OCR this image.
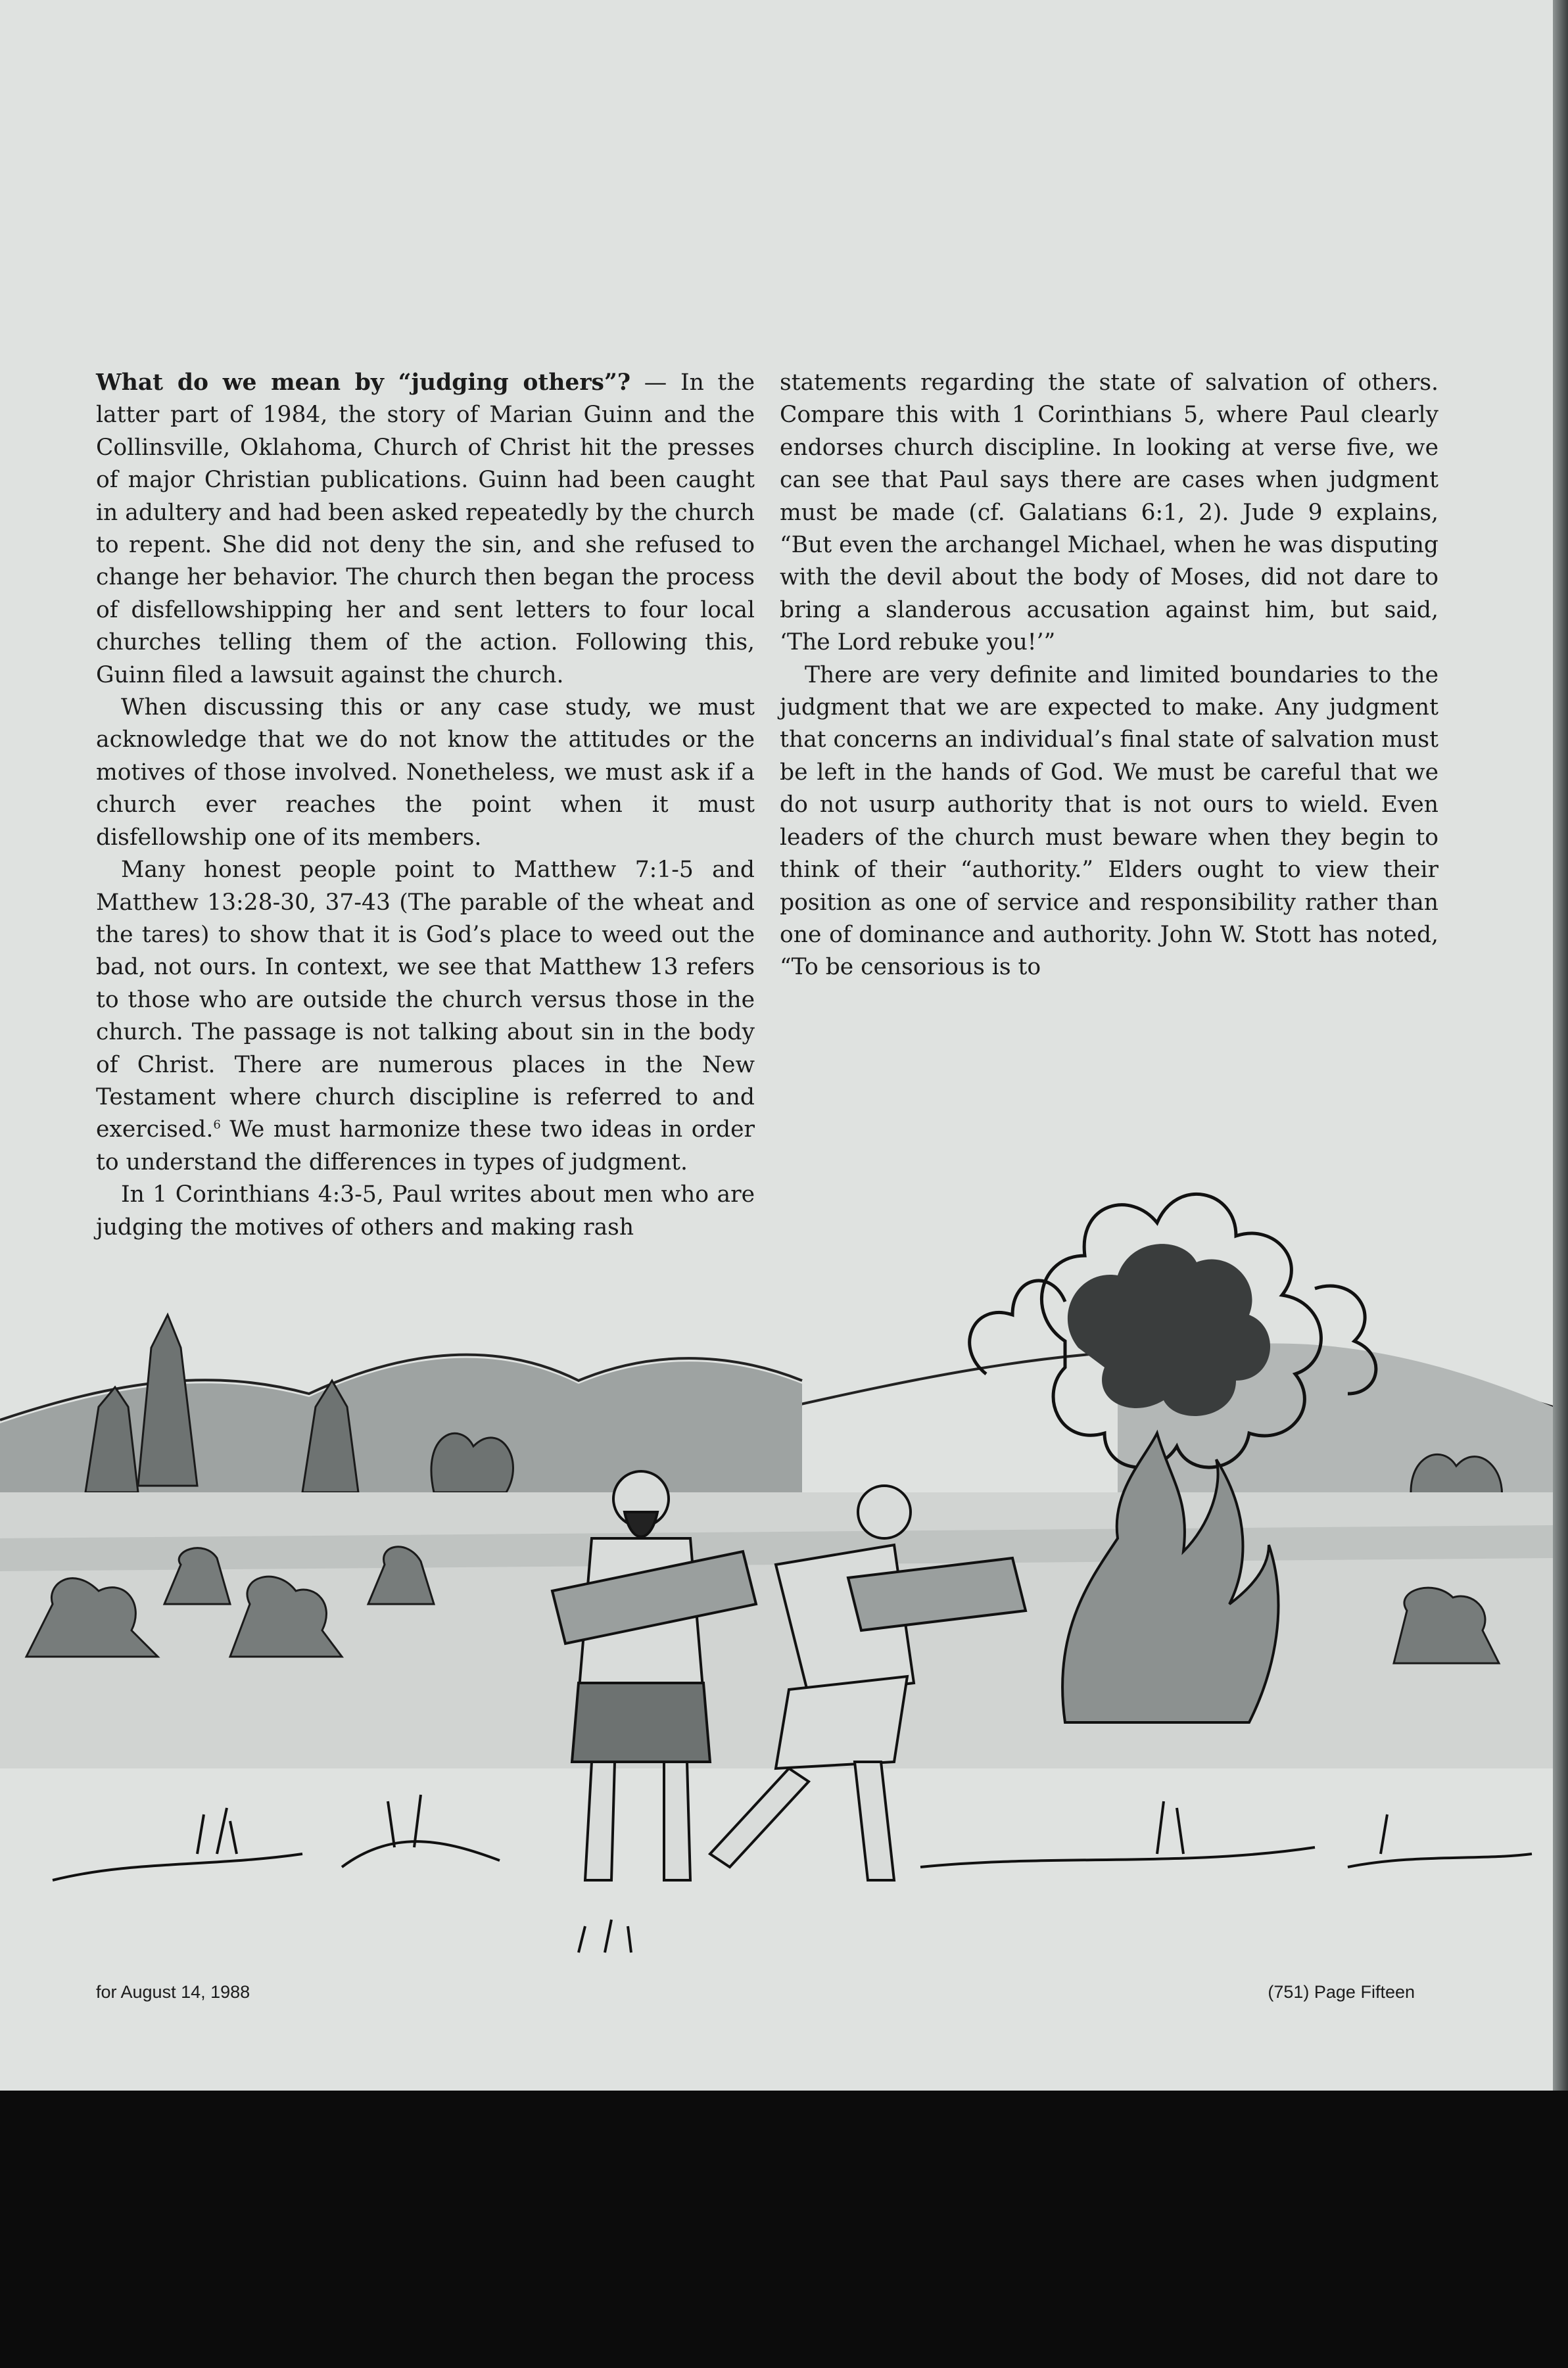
What do we mean by “judging others”? — In the latter part of 1984, the story of Marian Guinn and the Collinsville, Oklahoma, Church of Christ hit the presses of major Christian publications. Guinn had been caught in adultery and had been asked repeatedly by the church to repent. She did not deny the sin, and she refused to change her behavior. The church then began the process of disfellowshipping her and sent letters to four local churches telling them of the action. Following this, Guinn filed a lawsuit against the church.

When discussing this or any case study, we must acknowledge that we do not know the attitudes or the motives of those involved. Nonetheless, we must ask if a church ever reaches the point when it must disfellowship one of its members.

Many honest people point to Matthew 7:1-5 and Matthew 13:28-30, 37-43 (The parable of the wheat and the tares) to show that it is God’s place to weed out the bad, not ours. In context, we see that Matthew 13 refers to those who are outside the church versus those in the church. The passage is not talking about sin in the body of Christ. There are numerous places in the New Testament where church discipline is referred to and exercised.$^6$ We must harmonize these two ideas in order to understand the differences in types of judgment.

In 1 Corinthians 4:3-5, Paul writes about men who are judging the motives of others and making rash

statements regarding the state of salvation of others. Compare this with 1 Corinthians 5, where Paul clearly endorses church discipline. In looking at verse five, we can see that Paul says there are cases when judgment must be made (cf. Galatians 6:1, 2). Jude 9 explains, “But even the archangel Michael, when he was disputing with the devil about the body of Moses, did not dare to bring a slanderous accusation against him, but said, ‘The Lord rebuke you!’”

There are very definite and limited boundaries to the judgment that we are expected to make. Any judgment that concerns an individual’s final state of salvation must be left in the hands of God. We must be careful that we do not usurp authority that is not ours to wield. Even leaders of the church must beware when they begin to think of their “authority.” Elders ought to view their position as one of service and responsibility rather than one of dominance and authority. John W. Stott has noted, “To be censorious is to

for August 14, 1988	(751) Page Fifteen
